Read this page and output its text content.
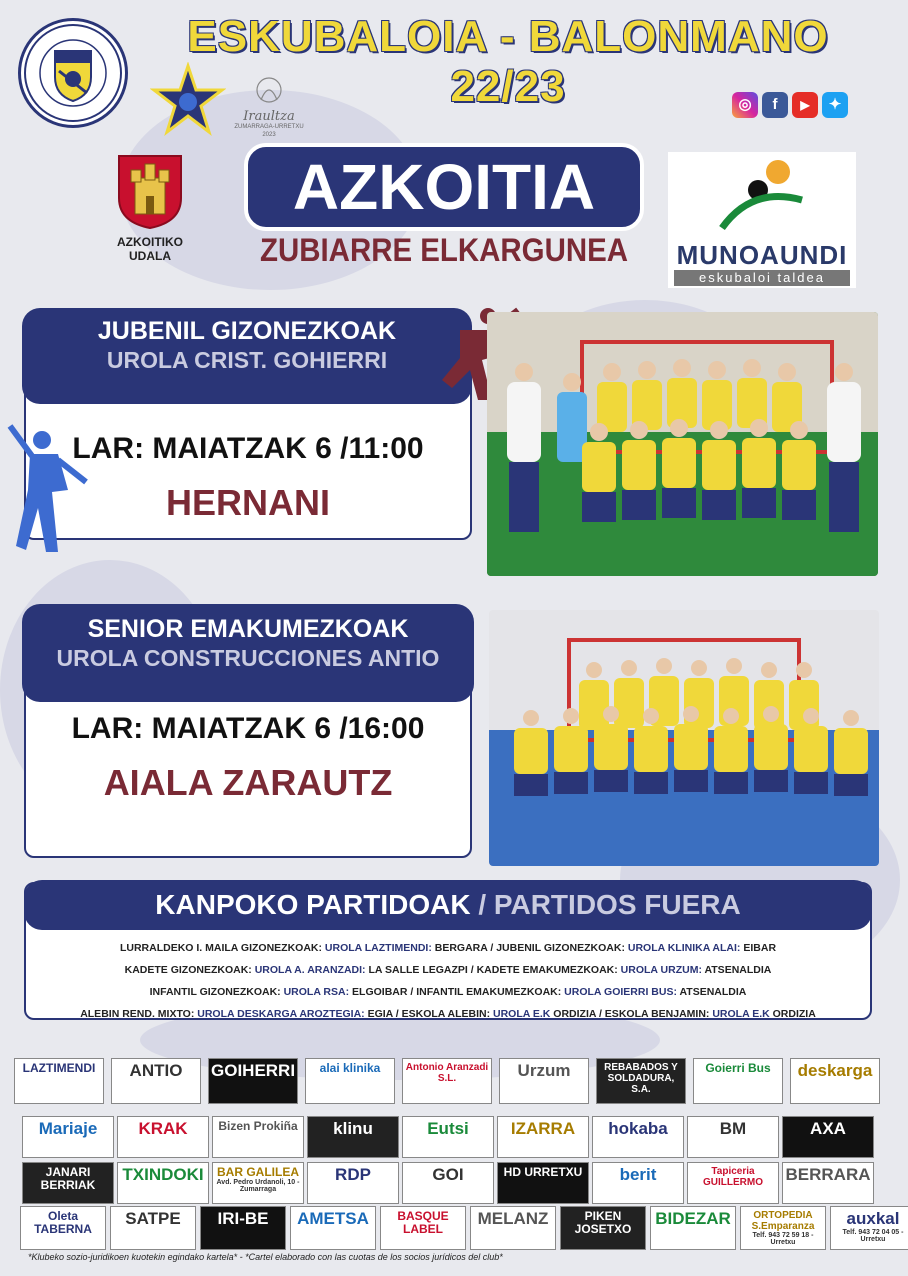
Iraultza
ZUMARRAGA-URRETXU 2023
ESKUBALOIA - BALONMANO 22/23	◎	f	▶	✦
AZKOITIKO
UDALA
AZKOITIA
ZUBIARRE ELKARGUNEA	MUNOAUNDI
eskubaloi taldea
JUBENIL GIZONEZKOAK
UROLA CRIST. GOHIERRI
LAR: MAIATZAK 6 /11:00
HERNANI
SENIOR EMAKUMEZKOAK
UROLA CONSTRUCCIONES ANTIO
LAR: MAIATZAK 6 /16:00
AIALA ZARAUTZ
KANPOKO PARTIDOAK / PARTIDOS FUERA
LURRALDEKO I. MAILA GIZONEZKOAK: UROLA LAZTIMENDI: BERGARA / JUBENIL GIZONEZKOAK: UROLA KLINIKA ALAI: EIBAR
KADETE GIZONEZKOAK: UROLA A. ARANZADI: LA SALLE LEGAZPI / KADETE EMAKUMEZKOAK: UROLA URZUM: ATSENALDIA
INFANTIL GIZONEZKOAK: UROLA RSA: ELGOIBAR / INFANTIL EMAKUMEZKOAK: UROLA GOIERRI BUS: ATSENALDIA
ALEBIN REND. MIXTO: UROLA DESKARGA AROZTEGIA: EGIA / ESKOLA ALEBIN: UROLA E.K ORDIZIA / ESKOLA BENJAMIN: UROLA E.K ORDIZIA
LAZTIMENDI	ANTIO	GOIHERRI	alai klinika	Antonio Aranzadi S.L.	Urzum	REBABADOS Y SOLDADURA, S.A.
Goierri Bus	deskarga
Mariaje	KRAK	Bizen Prokiña	klinu	Eutsi	IZARRA	hokaba	BM	AXA
JANARI BERRIAK
TXINDOKI	BAR GALILEA
Avd. Pedro Urdanoli, 10 - Zumarraga
RDP	GOI	HD URRETXU	berit	Tapiceria GUILLERMO	BERRARA
Oleta TABERNA
SATPE	IRI-BE	AMETSA	BASQUE LABEL
MELANZ	PIKEN JOSETXO
BIDEZAR	ORTOPEDIA S.Emparanza
Telf. 943 72 59 18 -Urretxu
auxkal
Telf. 943 72 04 05 -Urretxu
*Klubeko sozio-juridikoen kuotekin egindako kartela* - *Cartel elaborado con las cuotas de los socios jurídicos del club*
